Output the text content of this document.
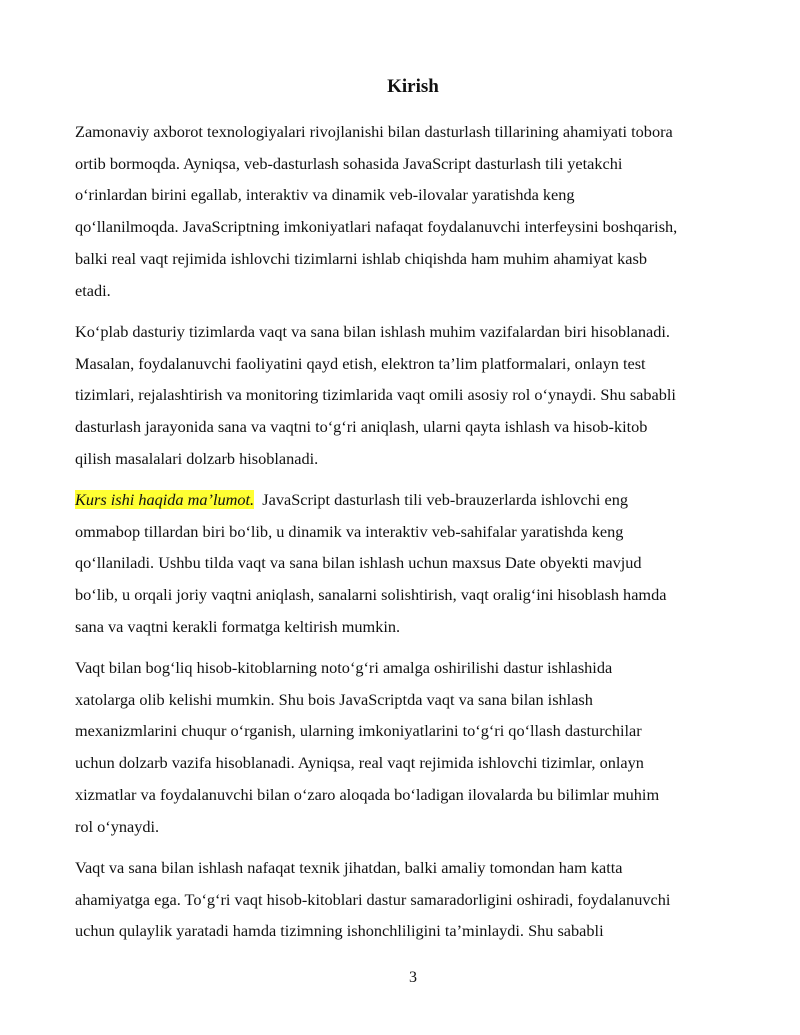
Kirish

Zamonaviy axborot texnologiyalari rivojlanishi bilan dasturlash tillarining ahamiyati tobora
ortib bormoqda. Ayniqsa, veb-dasturlash sohasida JavaScript dasturlash tili yetakchi
o‘rinlardan birini egallab, interaktiv va dinamik veb-ilovalar yaratishda keng
qo‘llanilmoqda. JavaScriptning imkoniyatlari nafaqat foydalanuvchi interfeysini boshqarish,
balki real vaqt rejimida ishlovchi tizimlarni ishlab chiqishda ham muhim ahamiyat kasb
etadi.

Ko‘plab dasturiy tizimlarda vaqt va sana bilan ishlash muhim vazifalardan biri hisoblanadi.
Masalan, foydalanuvchi faoliyatini qayd etish, elektron ta’lim platformalari, onlayn test
tizimlari, rejalashtirish va monitoring tizimlarida vaqt omili asosiy rol o‘ynaydi. Shu sababli
dasturlash jarayonida sana va vaqtni to‘g‘ri aniqlash, ularni qayta ishlash va hisob-kitob
qilish masalalari dolzarb hisoblanadi.

Kurs ishi haqida ma’lumot.  JavaScript dasturlash tili veb-brauzerlarda ishlovchi eng
ommabop tillardan biri bo‘lib, u dinamik va interaktiv veb-sahifalar yaratishda keng
qo‘llaniladi. Ushbu tilda vaqt va sana bilan ishlash uchun maxsus Date obyekti mavjud
bo‘lib, u orqali joriy vaqtni aniqlash, sanalarni solishtirish, vaqt oralig‘ini hisoblash hamda
sana va vaqtni kerakli formatga keltirish mumkin.

Vaqt bilan bog‘liq hisob-kitoblarning noto‘g‘ri amalga oshirilishi dastur ishlashida
xatolarga olib kelishi mumkin. Shu bois JavaScriptda vaqt va sana bilan ishlash
mexanizmlarini chuqur o‘rganish, ularning imkoniyatlarini to‘g‘ri qo‘llash dasturchilar
uchun dolzarb vazifa hisoblanadi. Ayniqsa, real vaqt rejimida ishlovchi tizimlar, onlayn
xizmatlar va foydalanuvchi bilan o‘zaro aloqada bo‘ladigan ilovalarda bu bilimlar muhim
rol o‘ynaydi.

Vaqt va sana bilan ishlash nafaqat texnik jihatdan, balki amaliy tomondan ham katta
ahamiyatga ega. To‘g‘ri vaqt hisob-kitoblari dastur samaradorligini oshiradi, foydalanuvchi
uchun qulaylik yaratadi hamda tizimning ishonchliligini ta’minlaydi. Shu sababli

3
